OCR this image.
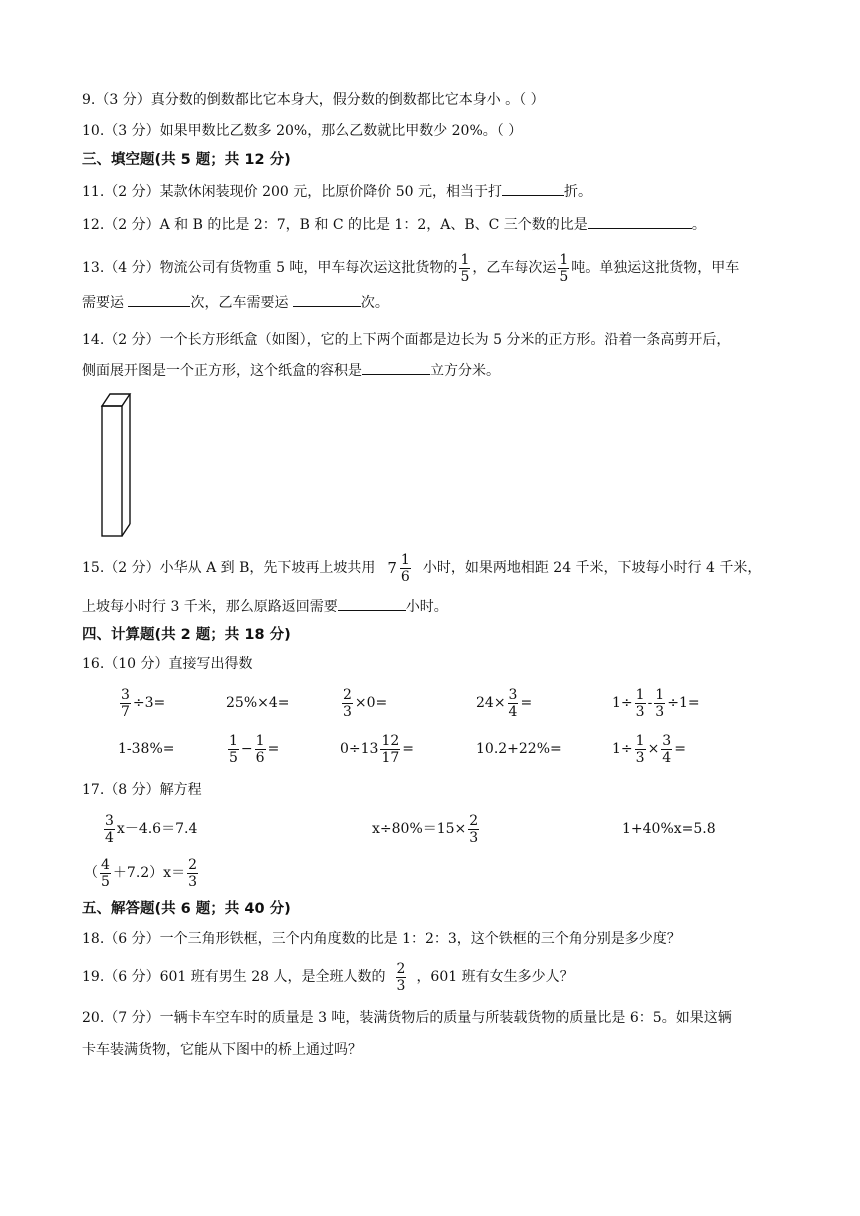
9.（3 分）真分数的倒数都比它本身大，假分数的倒数都比它本身小 。（ ）
10.（3 分）如果甲数比乙数多 20%，那么乙数就比甲数少 20%。（ ）
三、填空题(共 5 题；共 12 分)
11.（2 分）某款休闲装现价 200 元，比原价降价 50 元，相当于打	折。
12.（2 分）A 和 B 的比是 2：7，B 和 C 的比是 1：2，A、B、C 三个数的比是	。
13.（4 分）物流公司有货物重 5 吨，甲车每次运这批货物的 $\frac{1}{5}$ ，乙车每次运 $\frac{1}{5}$ 吨。单独运这批货物，甲车
需要运	次，乙车需要运	次。
14.（2 分）一个长方形纸盒（如图），它的上下两个面都是边长为 5 分米的正方形。沿着一条高剪开后，
侧面展开图是一个正方形，这个纸盒的容积是	立方分米。
15.（2 分）小华从 A 到 B，先下坡再上坡共用 $7 \frac{1}{6}$ 小时，如果两地相距 24 千米，下坡每小时行 4 千米，
上坡每小时行 3 千米，那么原路返回需要	小时。
四、计算题(共 2 题；共 18 分)
16.（10 分）直接写出得数
$\frac{3}{7} \div 3=$	25%×4=	$\frac{2}{3} \times 0=$	$24\times \frac{3}{4}$ =	$1\div \frac{1}{3} - \frac{1}{3} \div 1=$
1-38%=	$\frac{1}{5} - \frac{1}{6}$ =	$0\div 13 \frac{12}{17}$ =	10.2+22%=	$1\div \frac{1}{3} \times \frac{3}{4}$ =
17.（8 分）解方程
$\frac{3}{4} x-4.6=7.4$	$x\div 80\%=15\times \frac{2}{3}$	1+40%x=5.8
（ $\frac{4}{5} +7.2)x= \frac{2}{3}$
五、解答题(共 6 题；共 40 分)
18.（6 分）一个三角形铁框，三个内角度数的比是 1：2：3，这个铁框的三个角分别是多少度？
19.（6 分）601 班有男生 28 人，是全班人数的 $\frac{2}{3}$ ，601 班有女生多少人？
20.（7 分）一辆卡车空车时的质量是 3 吨，装满货物后的质量与所装载货物的质量比是 6：5。如果这辆
卡车装满货物，它能从下图中的桥上通过吗？
